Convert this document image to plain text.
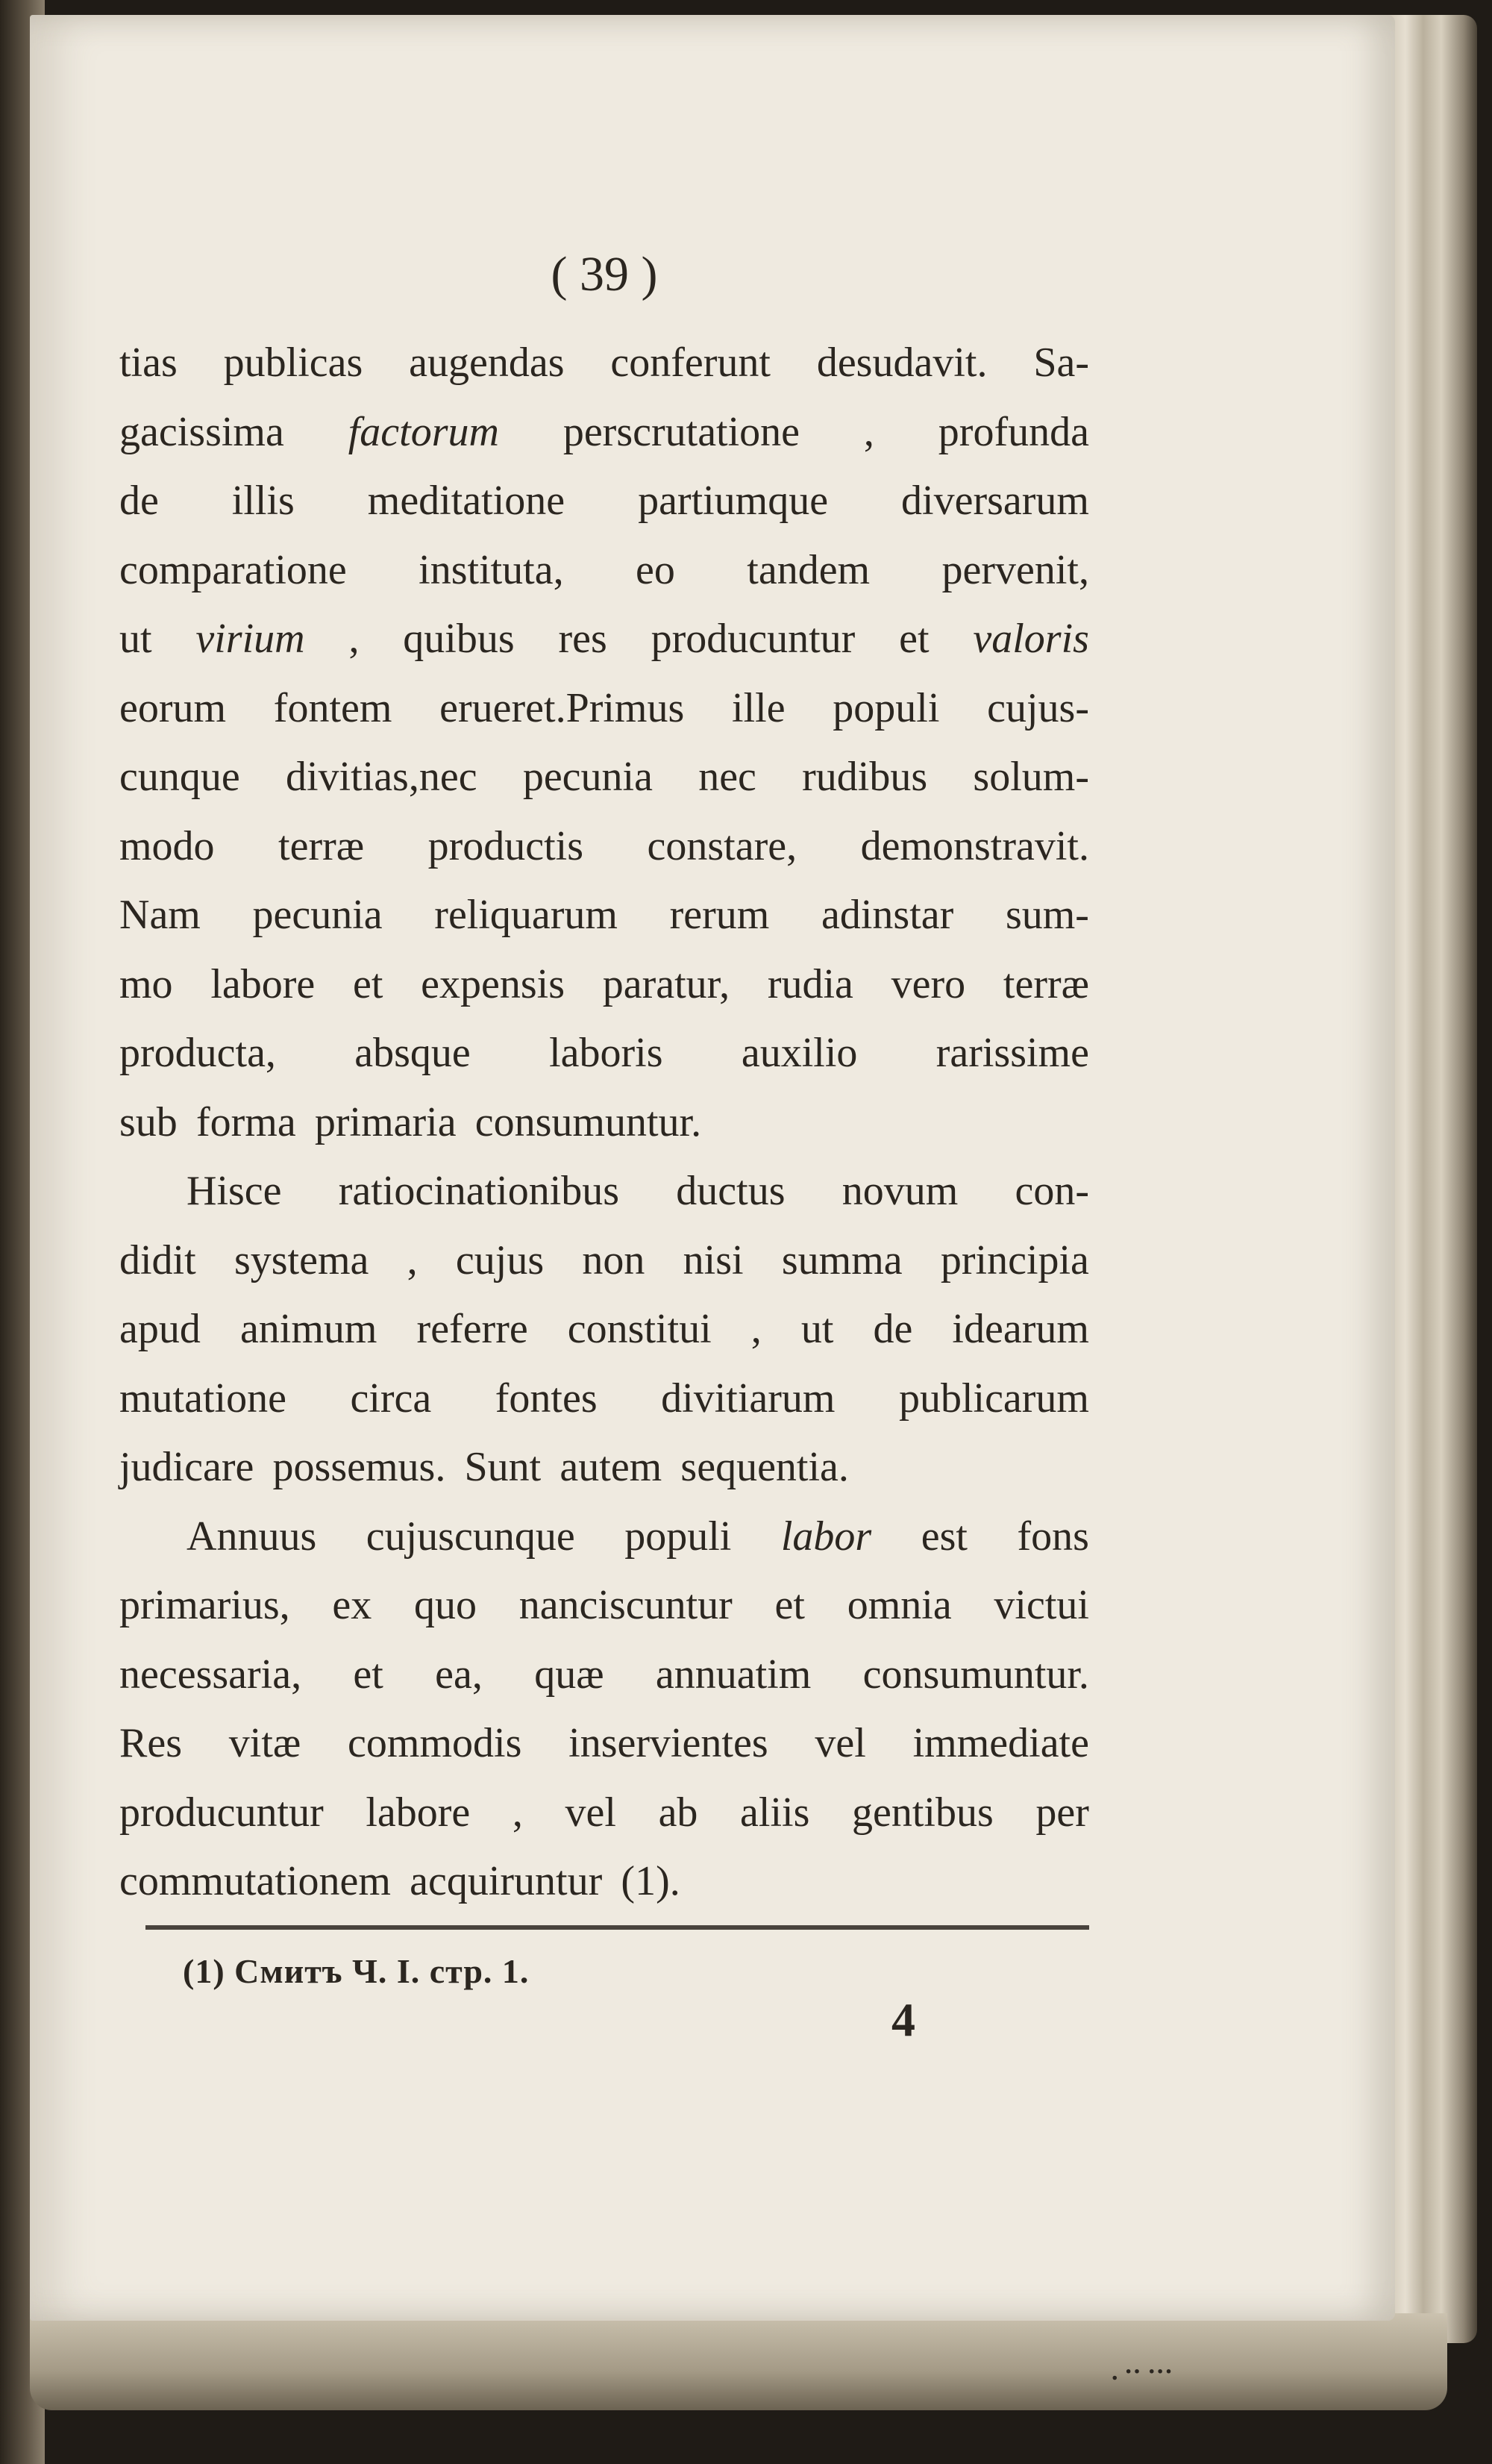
( 39 )
tias publicas augendas conferunt desudavit. Sa-
gacissima factorum perscrutatione , profunda
de illis meditatione partiumque diversarum
comparatione instituta, eo tandem pervenit,
ut virium , quibus res producuntur et valoris
eorum fontem erueret.Primus ille populi cujus-
cunque divitias,nec pecunia nec rudibus solum-
modo terræ productis constare, demonstravit.
Nam pecunia reliquarum rerum adinstar sum-
mo labore et expensis paratur, rudia vero terræ
producta, absque laboris auxilio rarissime
sub forma primaria consumuntur.
Hisce ratiocinationibus ductus novum con-
didit systema , cujus non nisi summa principia
apud animum referre constitui , ut de idearum
mutatione circa fontes divitiarum publicarum
judicare possemus. Sunt autem sequentia.
Annuus cujuscunque populi labor est fons
primarius, ex quo nanciscuntur et omnia victui
necessaria, et ea, quæ annuatim consumuntur.
Res vitæ commodis inservientes vel immediate
producuntur labore , vel ab aliis gentibus per
commutationem acquiruntur (1).
(1) Смитъ Ч. I. стр. 1.
4
. ·· ···
